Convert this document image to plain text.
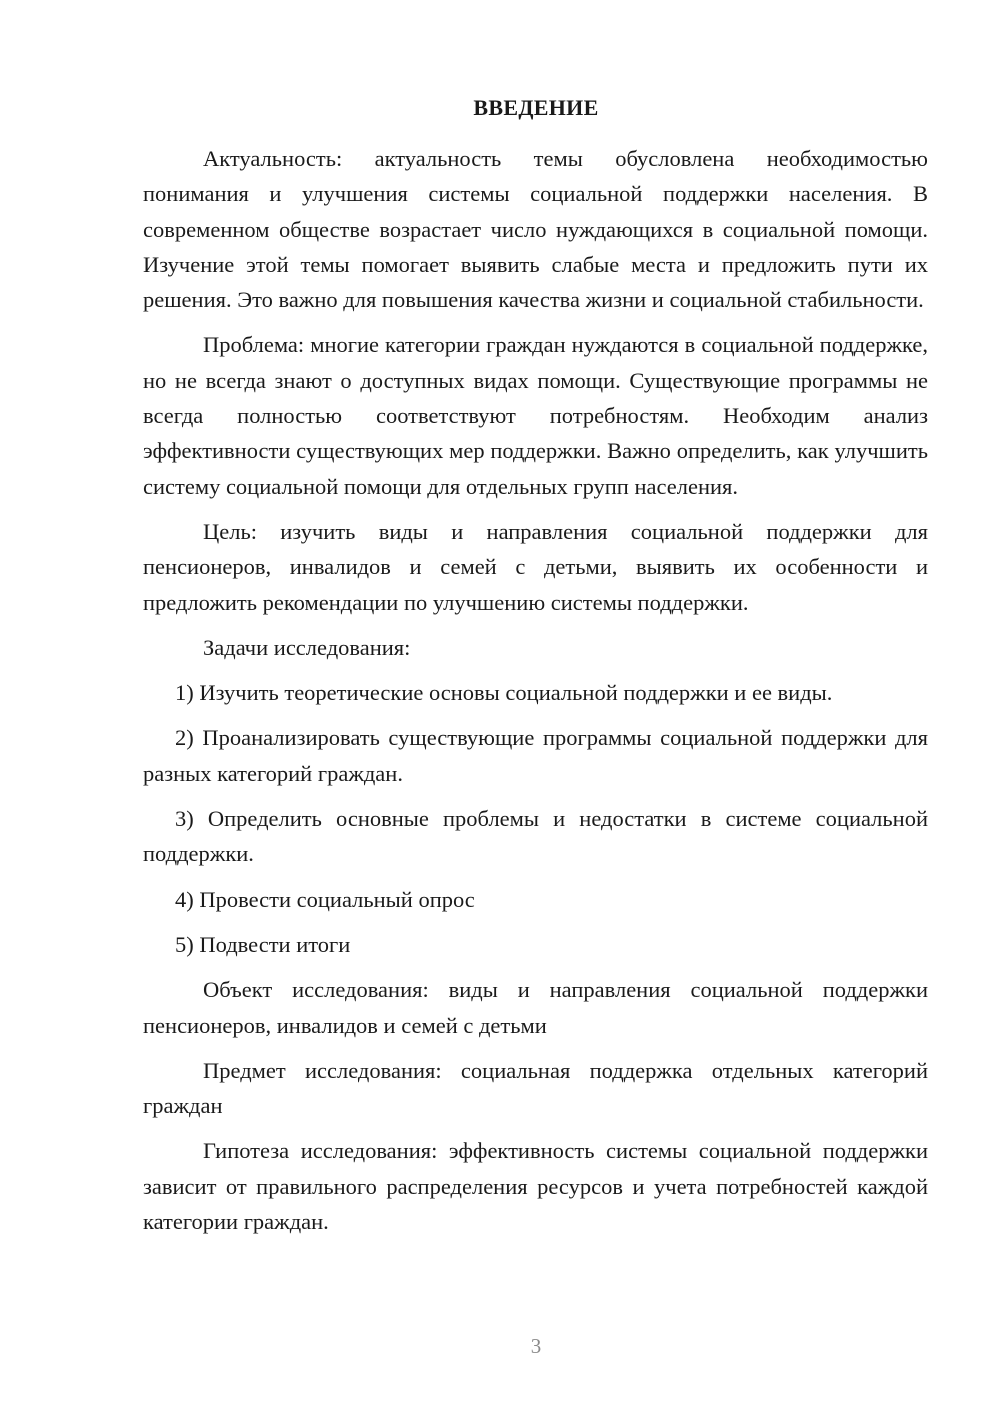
ВВЕДЕНИЕ

Актуальность: актуальность темы обусловлена необходимостью понимания и улучшения системы социальной поддержки населения. В современном обществе возрастает число нуждающихся в социальной помощи. Изучение этой темы помогает выявить слабые места и предложить пути их решения. Это важно для повышения качества жизни и социальной стабильности.

Проблема: многие категории граждан нуждаются в социальной поддержке, но не всегда знают о доступных видах помощи. Существующие программы не всегда полностью соответствуют потребностям. Необходим анализ эффективности существующих мер поддержки. Важно определить, как улучшить систему социальной помощи для отдельных групп населения.

Цель: изучить виды и направления социальной поддержки для пенсионеров, инвалидов и семей с детьми, выявить их особенности и предложить рекомендации по улучшению системы поддержки.

Задачи исследования:

1) Изучить теоретические основы социальной поддержки и ее виды.

2) Проанализировать существующие программы социальной поддержки для разных категорий граждан.

3) Определить основные проблемы и недостатки в системе социальной поддержки.

4) Провести социальный опрос

5) Подвести итоги

Объект исследования: виды и направления социальной поддержки пенсионеров, инвалидов и семей с детьми

Предмет исследования: социальная поддержка отдельных категорий граждан

Гипотеза исследования: эффективность системы социальной поддержки зависит от правильного распределения ресурсов и учета потребностей каждой категории граждан.

3
